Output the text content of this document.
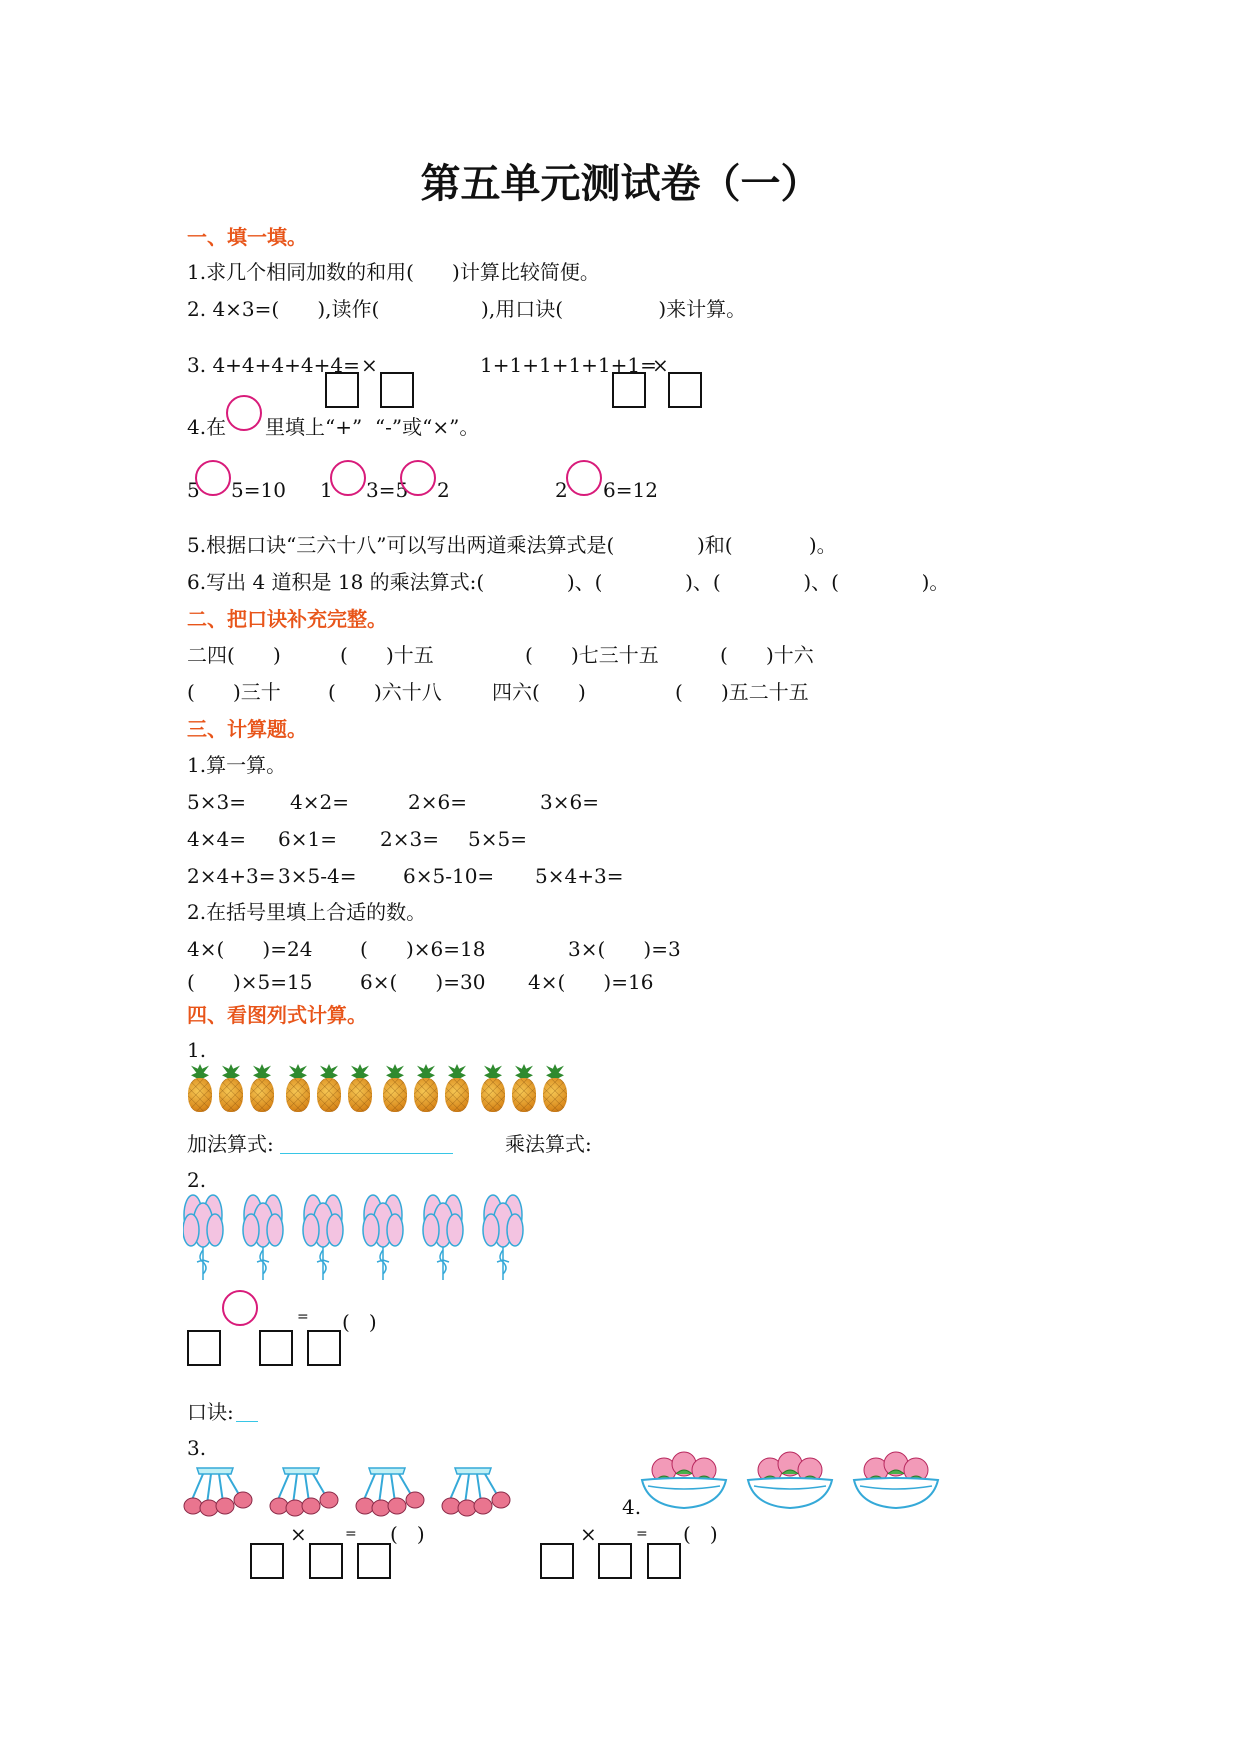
第五单元测试卷（一）
一、填一填。
1.求几个相同加数的和用(      )计算比较简便。
2. 4×3=(      ),读作(                ),用口诀(               )来计算。
3. 4+4+4+4+4= ×	1+1+1+1+1+1=
×
4.在 里填上“+”  “-”或“×”。
5 5=10 1 3=5 2	2 6=12
5.根据口诀“三六十八”可以写出两道乘法算式是(             )和(            )。
6.写出 4 道积是 18 的乘法算式:(             )、(             )、(             )、(             )。
二、把口诀补充完整。
二四(      )	(      )十五	(      )七三十五	(      )十六
(      )三十 (      )六十八	四六(      )	(      )五二十五
三、计算题。
1.算一算。
5×3= 4×2=	2×6=	3×6=
4×4= 6×1= 2×3= 5×5=
2×4+3= 3×5-4= 6×5-10= 5×4+3=
2.在括号里填上合适的数。
4×(      )=24 (      )×6=18	3×(      )=3
(      )×5=15 6×(      )=30 4×(      )=16
四、看图列式计算。
1.
加法算式:	乘法算式:
2.
= (   )
口诀:
3.
×	= (   )
4.
×	= (   )
